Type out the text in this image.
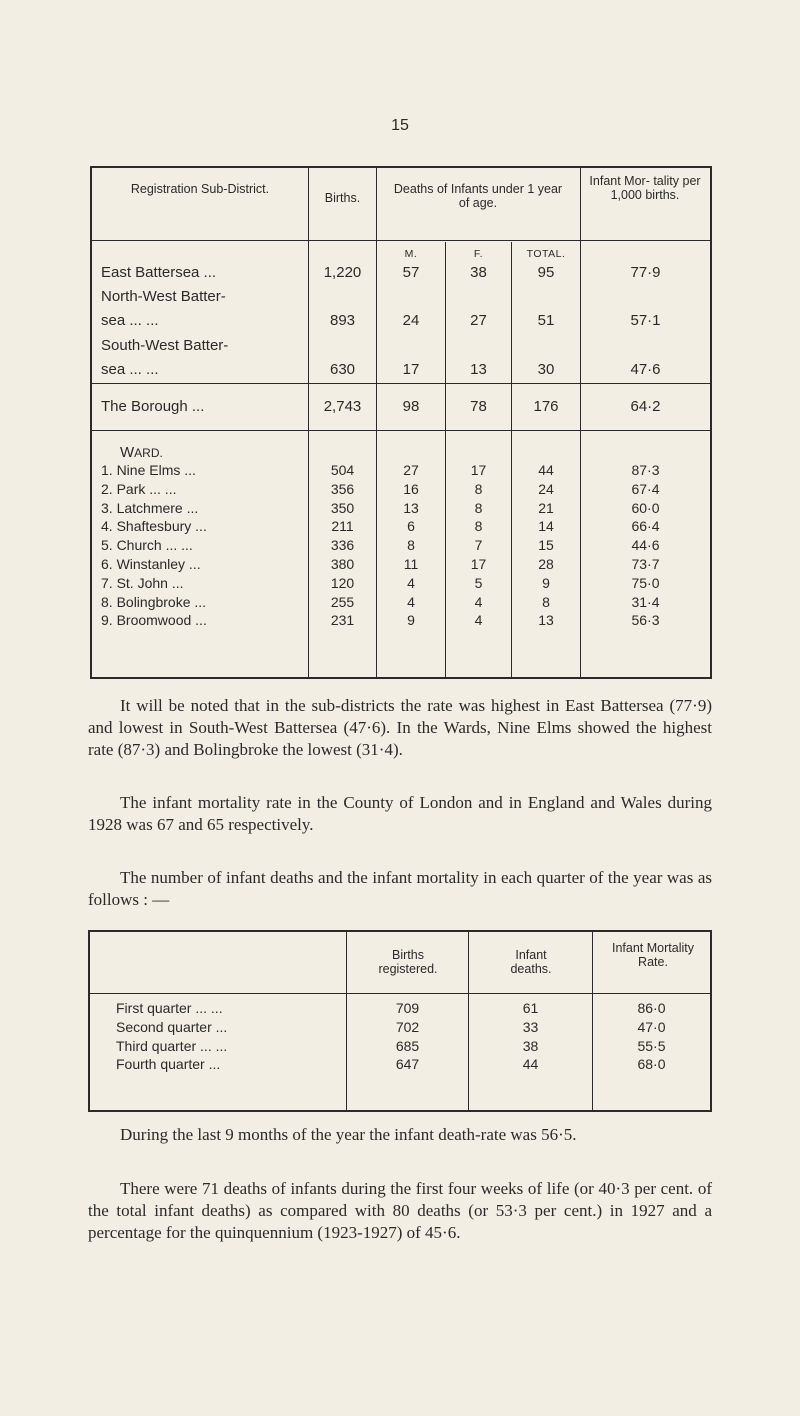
15
Registration Sub-District.
Births.
Deaths of Infants under 1 year of age.
Infant Mor- tality per 1,000 births.
M.	F.	TOTAL.
East Battersea ...	1,220	57	38	95	77·9
North-West Batter-
sea ... ...	893	24	27	51	57·1
South-West Batter-
sea ... ...	630	17	13	30	47·6
The Borough ...	2,743	98	78	176	64·2
WARD.
1. Nine Elms ...	504	27	17	44	87·3
2. Park ... ...	356	16	8	24	67·4
3. Latchmere ...	350	13	8	21	60·0
4. Shaftesbury ...	211	6	8	14	66·4
5. Church ... ...	336	8	7	15	44·6
6. Winstanley ...	380	11	17	28	73·7
7. St. John ...	120	4	5	9	75·0
8. Bolingbroke ...	255	4	4	8	31·4
9. Broomwood ...	231	9	4	13	56·3
It will be noted that in the sub-districts the rate was highest in East Battersea (77·9) and lowest in South-West Battersea (47·6). In the Wards, Nine Elms showed the highest rate (87·3) and Bolingbroke the lowest (31·4).
The infant mortality rate in the County of London and in England and Wales during 1928 was 67 and 65 respectively.
The number of infant deaths and the infant mortality in each quarter of the year was as follows : —
Births registered.
Infant deaths.
Infant Mortality Rate.
First quarter ... ...	709	61	86·0
Second quarter ...	702	33	47·0
Third quarter ... ...	685	38	55·5
Fourth quarter ...	647	44	68·0
During the last 9 months of the year the infant death-rate was 56·5.
There were 71 deaths of infants during the first four weeks of life (or 40·3 per cent. of the total infant deaths) as compared with 80 deaths (or 53·3 per cent.) in 1927 and a percentage for the quinquennium (1923-1927) of 45·6.
